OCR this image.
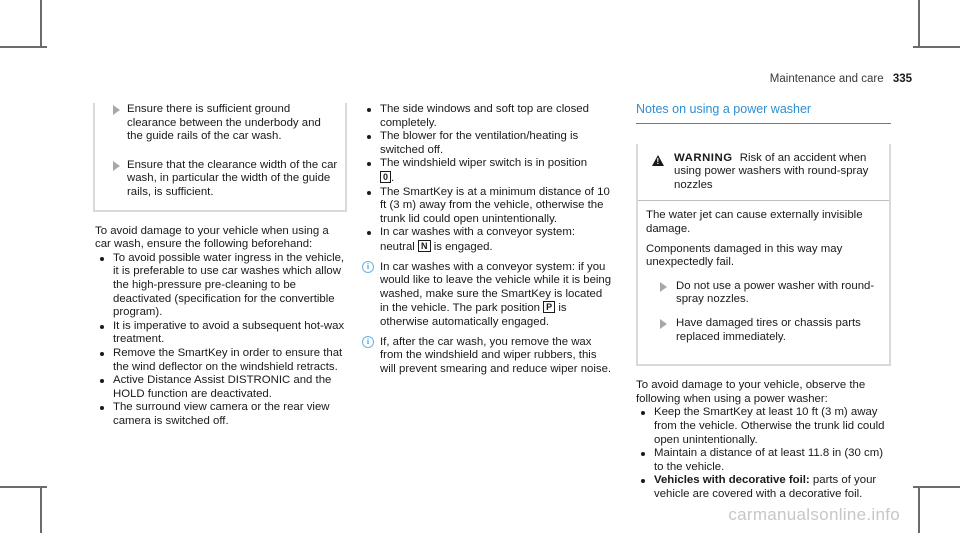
Maintenance and care 335
Ensure there is sufficient ground clearance between the underbody and the guide rails of the car wash.
Ensure that the clearance width of the car wash, in particular the width of the guide rails, is sufficient.

To avoid damage to your vehicle when using a car wash, ensure the following beforehand:

To avoid possible water ingress in the vehicle, it is preferable to use car washes which allow the high-pressure pre-cleaning to be deactivated (specification for the convertible program).
It is imperative to avoid a subsequent hot-wax treatment.
Remove the SmartKey in order to ensure that the wind deflector on the windshield retracts.
Active Distance Assist DISTRONIC and the HOLD function are deactivated.
The surround view camera or the rear view camera is switched off.
The side windows and soft top are closed completely.
The blower for the ventilation/heating is switched off.
The windshield wiper switch is in position
0 .
The SmartKey is at a minimum distance of 10 ft (3 m) away from the vehicle, otherwise the trunk lid could open unintentionally.
In car washes with a conveyor system: neutral N is engaged.
i In car washes with a conveyor system: if you would like to leave the vehicle while it is being washed, make sure the SmartKey is located in the vehicle. The park position P is otherwise automatically engaged.
i If, after the car wash, you remove the wax from the windshield and wiper rubbers, this will prevent smearing and reduce wiper noise.
Notes on using a power washer
! WARNING Risk of an accident when using power washers with round-spray nozzles

The water jet can cause externally invisible damage.

Components damaged in this way may unexpectedly fail.

Do not use a power washer with round-spray nozzles.
Have damaged tires or chassis parts replaced immediately.

To avoid damage to your vehicle, observe the following when using a power washer:

Keep the SmartKey at least 10 ft (3 m) away from the vehicle. Otherwise the trunk lid could open unintentionally.
Maintain a distance of at least 11.8 in (30 cm) to the vehicle.
Vehicles with decorative foil: parts of your vehicle are covered with a decorative foil.
carmanualsonline.info
